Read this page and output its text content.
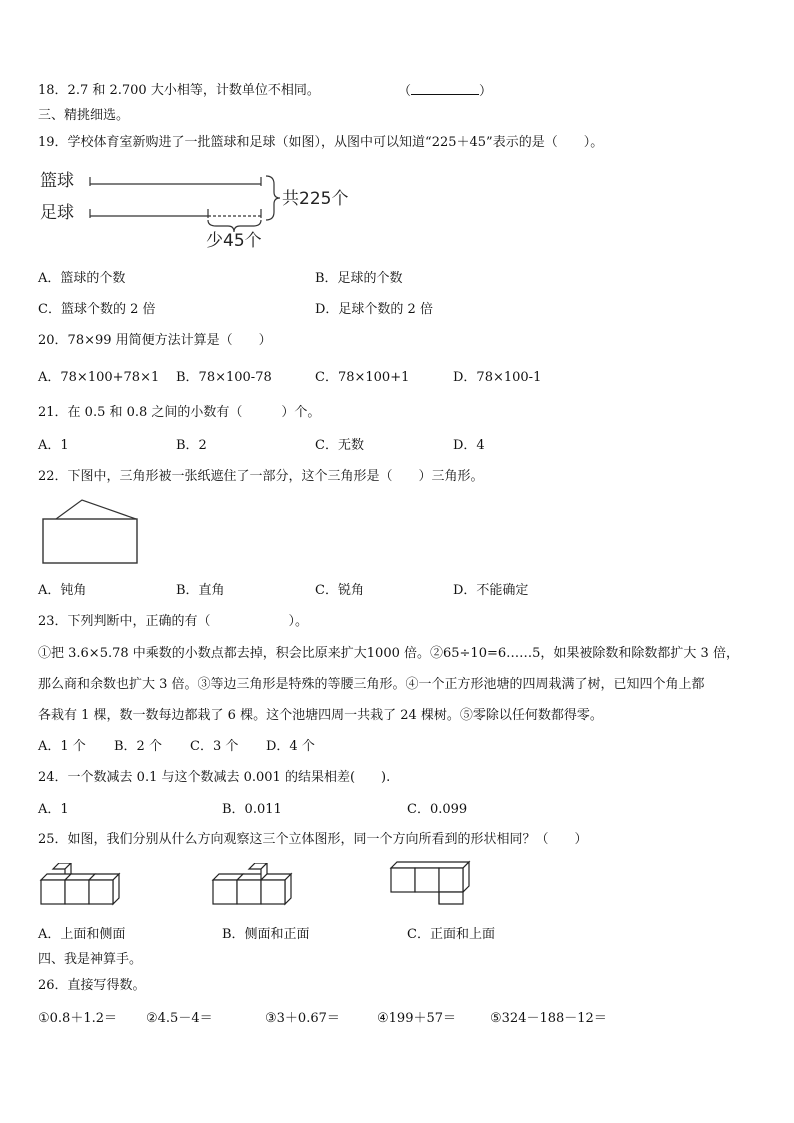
18．2.7 和 2.700 大小相等，计数单位不相同。	（	）
三、精挑细选。
19．学校体育室新购进了一批篮球和足球（如图），从图中可以知道“225＋45”表示的是（　　）。
篮球
足球
共225个
少45个
A．篮球的个数	B．足球的个数
C．篮球个数的 2 倍	D．足球个数的 2 倍
20．78×99 用简便方法计算是（　　）
A．78×100+78×1 B．78×100-78	C．78×100+1	D．78×100-1
21．在 0.5 和 0.8 之间的小数有（　　　）个。
A．1	B．2	C．无数	D．4
22．下图中，三角形被一张纸遮住了一部分，这个三角形是（　　）三角形。
A．钝角	B．直角	C．锐角	D．不能确定
23．下列判断中，正确的有（　　　　　　）。
①把 3.6×5.78 中乘数的小数点都去掉，积会比原来扩大1000 倍。②65÷10=6……5，如果被除数和除数都扩大 3 倍，
那么商和余数也扩大 3 倍。③等边三角形是特殊的等腰三角形。④一个正方形池塘的四周栽满了树，已知四个角上都
各栽有 1 棵，数一数每边都栽了 6 棵。这个池塘四周一共栽了 24 棵树。⑤零除以任何数都得零。
A．1 个 B．2 个 C．3 个 D．4 个
24．一个数减去 0.1 与这个数减去 0.001 的结果相差(　　).
A．1	B．0.011	C．0.099
25．如图，我们分别从什么方向观察这三个立体图形，同一个方向所看到的形状相同？（　　）
A．上面和侧面	B．侧面和正面	C．正面和上面
四、我是神算手。
26．直接写得数。
①0.8＋1.2＝ ②4.5－4＝	③3＋0.67＝	④199＋57＝	⑤324－188－12＝
